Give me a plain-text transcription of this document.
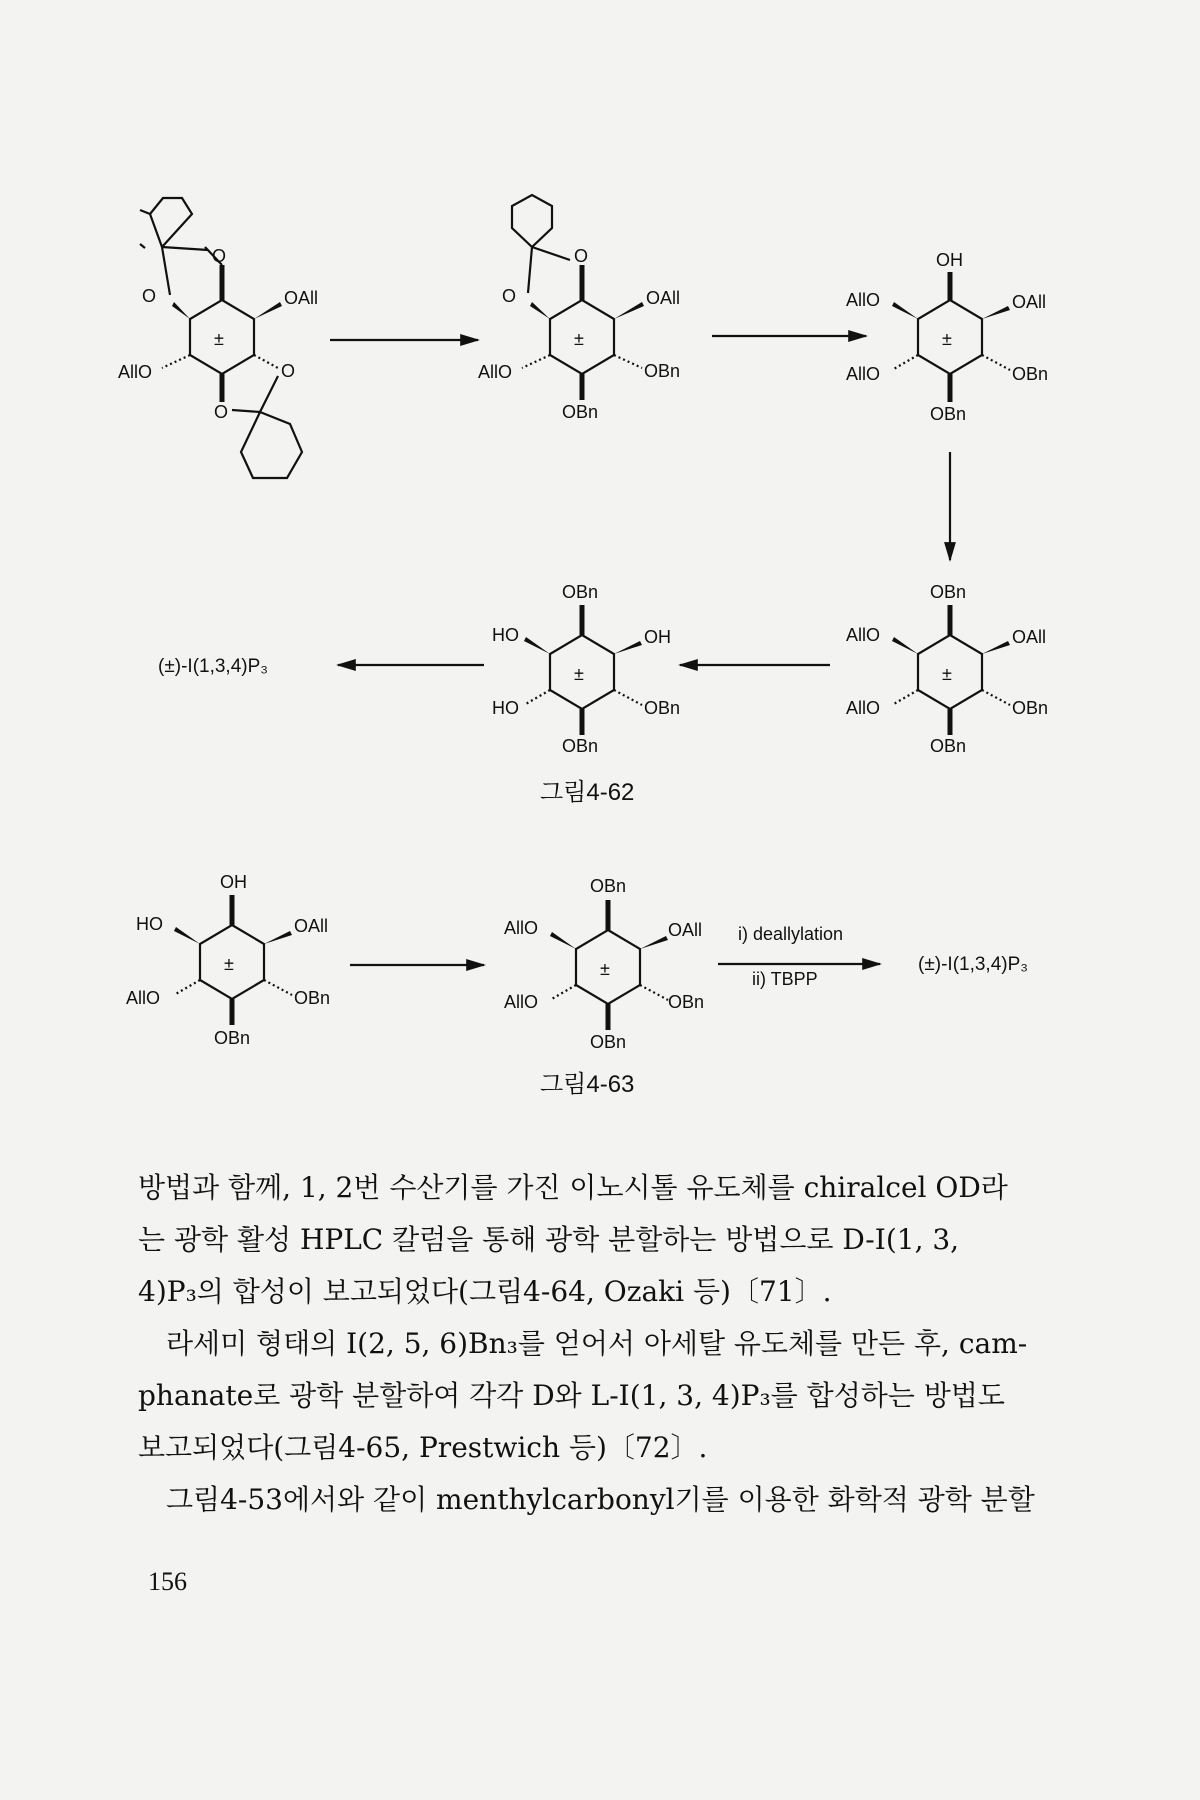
O
O	OAll
AllO
±
O
O
O
O	OAll
AllO
±
OBn
OBn
OH
AllO	OAll
AllO
±
OBn
OBn
OBn
AllO	OAll
AllO
±
OBn
OBn
OBn
HO	OH
HO
±
OBn
OBn
(±)-I(1,3,4)P₃
그림4-62
OH
HO	OAll
AllO
±
OBn
OBn
OBn
AllO	OAll
AllO
±
OBn
OBn
i) deallylation
ii) TBPP
(±)-I(1,3,4)P₃
그림4-63

방법과 함께, 1, 2번 수산기를 가진 이노시톨 유도체를 chiralcel OD라

는 광학 활성 HPLC 칼럼을 통해 광학 분할하는 방법으로 D-I(1, 3,

4)P₃의 합성이 보고되었다(그림4-64, Ozaki 등)〔71〕.

라세미 형태의 I(2, 5, 6)Bn₃를 얻어서 아세탈 유도체를 만든 후, cam-

phanate로 광학 분할하여 각각 D와 L-I(1, 3, 4)P₃를 합성하는 방법도

보고되었다(그림4-65, Prestwich 등)〔72〕.

그림4-53에서와 같이 menthylcarbonyl기를 이용한 화학적 광학 분할

156
